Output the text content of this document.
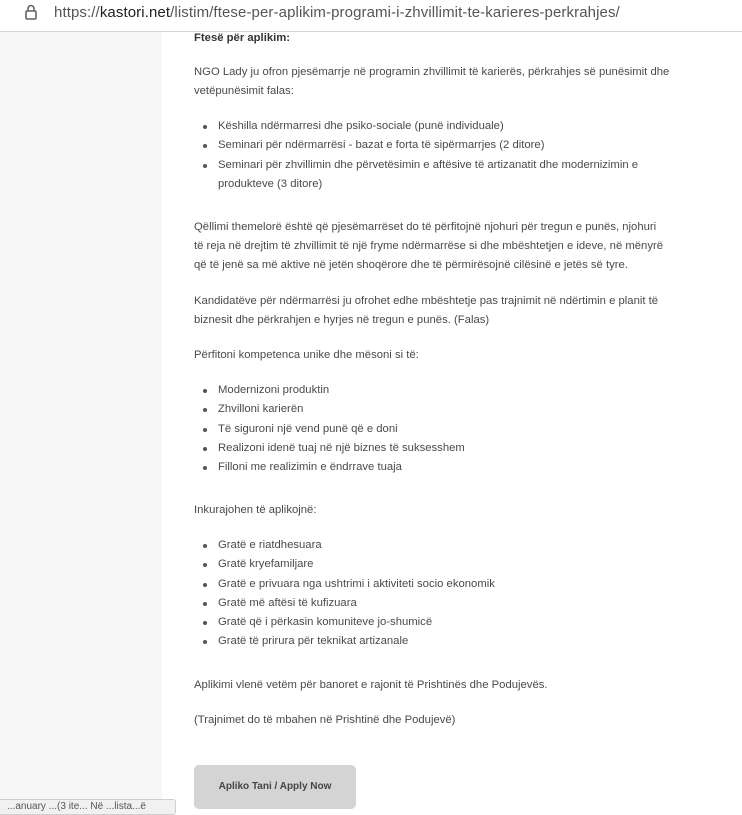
https://kastori.net/listim/ftese-per-aplikim-programi-i-zhvillimit-te-karieres-perkrahjes/
Ftesë për aplikim:
NGO Lady ju ofron pjesëmarrje në programin zhvillimit të karierës, përkrahjes së punësimit dhe
vetëpunësimit falas:
Këshilla ndërmarresi dhe psiko-sociale (punë individuale)
Seminari për ndërmarrësi - bazat e forta të sipërmarrjes (2 ditore)
Seminari për zhvillimin dhe përvetësimin e aftësive të artizanatit dhe modernizimin e
produkteve (3 ditore)
Qëllimi themelorë është që pjesëmarrëset do të përfitojnë njohuri për tregun e punës, njohuri
të reja në drejtim të zhvillimit të një fryme ndërmarrëse si dhe mbështetjen e ideve, në mënyrë
që të jenë sa më aktive në jetën shoqërore dhe të përmirësojnë cilësinë e jetës së tyre.
Kandidatëve për ndërmarrësi ju ofrohet edhe mbështetje pas trajnimit në ndërtimin e planit të
biznesit dhe përkrahjen e hyrjes në tregun e punës. (Falas)
Përfitoni kompetenca unike dhe mësoni si të:
Modernizoni produktin
Zhvilloni karierën
Të siguroni një vend punë që e doni
Realizoni idenë tuaj në një biznes të suksesshem
Filloni me realizimin e ëndrrave tuaja
Inkurajohen të aplikojnë:
Gratë e riatdhesuara
Gratë kryefamiljare
Gratë e privuara nga ushtrimi i aktiviteti socio ekonomik
Gratë më aftësi të kufizuara
Gratë që i përkasin komuniteve jo-shumicë
Gratë të prirura për teknikat artizanale
Aplikimi vlenë vetëm për banoret e rajonit të Prishtinës dhe Podujevës.
(Trajnimet do të mbahen në Prishtinë dhe Podujevë)
Apliko Tani / Apply Now
...anuary ...(3 ite... Në ...lista...ë
